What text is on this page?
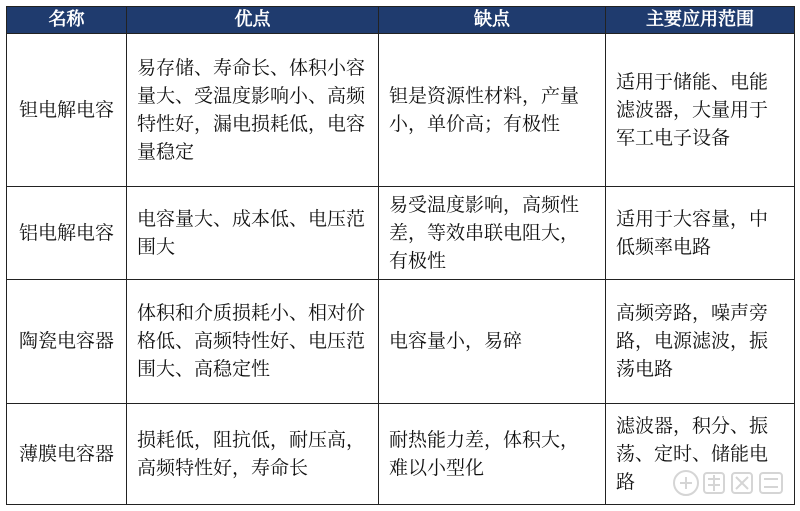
名称	优点	缺点	主要应用范围
钽电解电容	易存储、寿命长、体积小容量大、受温度影响小、高频特性好，漏电损耗低，电容量稳定	钽是资源性材料，产量小，单价高；有极性	适用于储能、电能滤波器，大量用于军工电子设备
铝电解电容	电容量大、成本低、电压范围大	易受温度影响，高频性差，等效串联电阻大，有极性	适用于大容量，中低频率电路
陶瓷电容器	体积和介质损耗小、相对价格低、高频特性好、电压范围大、高稳定性	电容量小，易碎	高频旁路，噪声旁路，电源滤波，振荡电路
薄膜电容器	损耗低，阻抗低，耐压高，高频特性好，寿命长	耐热能力差，体积大，难以小型化	滤波器，积分、振荡、定时、储能电路
